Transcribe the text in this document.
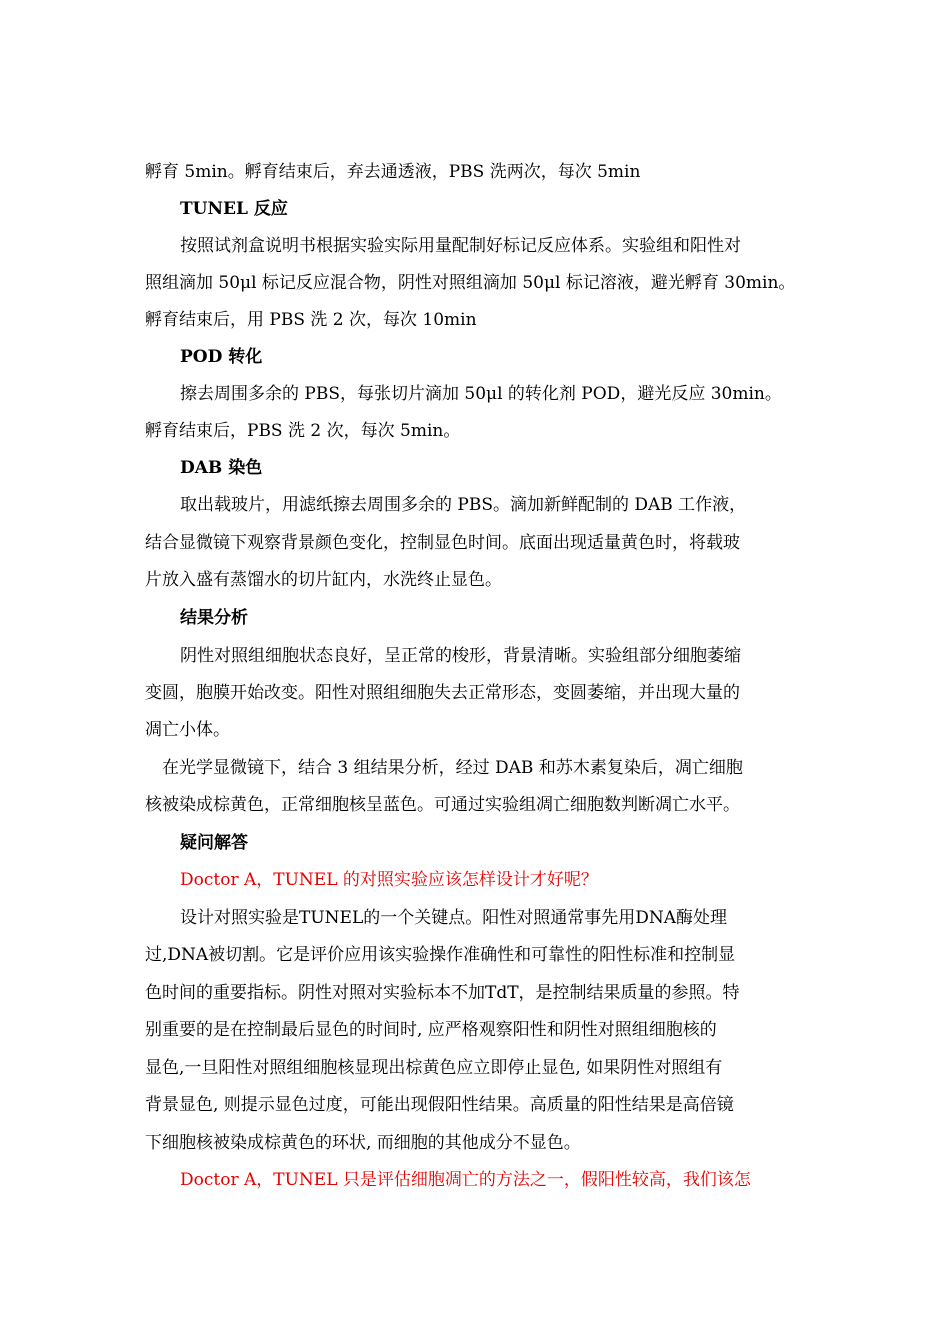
孵育 5min。孵育结束后，弃去通透液，PBS 洗两次，每次 5min
TUNEL 反应
按照试剂盒说明书根据实验实际用量配制好标记反应体系。实验组和阳性对
照组滴加 50μl 标记反应混合物，阴性对照组滴加 50μl 标记溶液，避光孵育 30min。
孵育结束后，用 PBS 洗 2 次，每次 10min
POD 转化
擦去周围多余的 PBS，每张切片滴加 50μl 的转化剂 POD，避光反应 30min。
孵育结束后，PBS 洗 2 次，每次 5min。
DAB 染色
取出载玻片，用滤纸擦去周围多余的 PBS。滴加新鲜配制的 DAB 工作液，
结合显微镜下观察背景颜色变化，控制显色时间。底面出现适量黄色时，将载玻
片放入盛有蒸馏水的切片缸内，水洗终止显色。
结果分析
阴性对照组细胞状态良好，呈正常的梭形，背景清晰。实验组部分细胞萎缩
变圆，胞膜开始改变。阳性对照组细胞失去正常形态，变圆萎缩，并出现大量的
凋亡小体。
在光学显微镜下，结合 3 组结果分析，经过 DAB 和苏木素复染后，凋亡细胞
核被染成棕黄色，正常细胞核呈蓝色。可通过实验组凋亡细胞数判断凋亡水平。
疑问解答
Doctor A，TUNEL 的对照实验应该怎样设计才好呢？
设计对照实验是TUNEL的一个关键点。阳性对照通常事先用DNA酶处理
过,DNA被切割。它是评价应用该实验操作准确性和可靠性的阳性标准和控制显
色时间的重要指标。阴性对照对实验标本不加TdT，是控制结果质量的参照。特
别重要的是在控制最后显色的时间时, 应严格观察阳性和阴性对照组细胞核的
显色,一旦阳性对照组细胞核显现出棕黄色应立即停止显色, 如果阴性对照组有
背景显色, 则提示显色过度，可能出现假阳性结果。高质量的阳性结果是高倍镜
下细胞核被染成棕黄色的环状, 而细胞的其他成分不显色。
Doctor A，TUNEL 只是评估细胞凋亡的方法之一，假阳性较高，我们该怎
